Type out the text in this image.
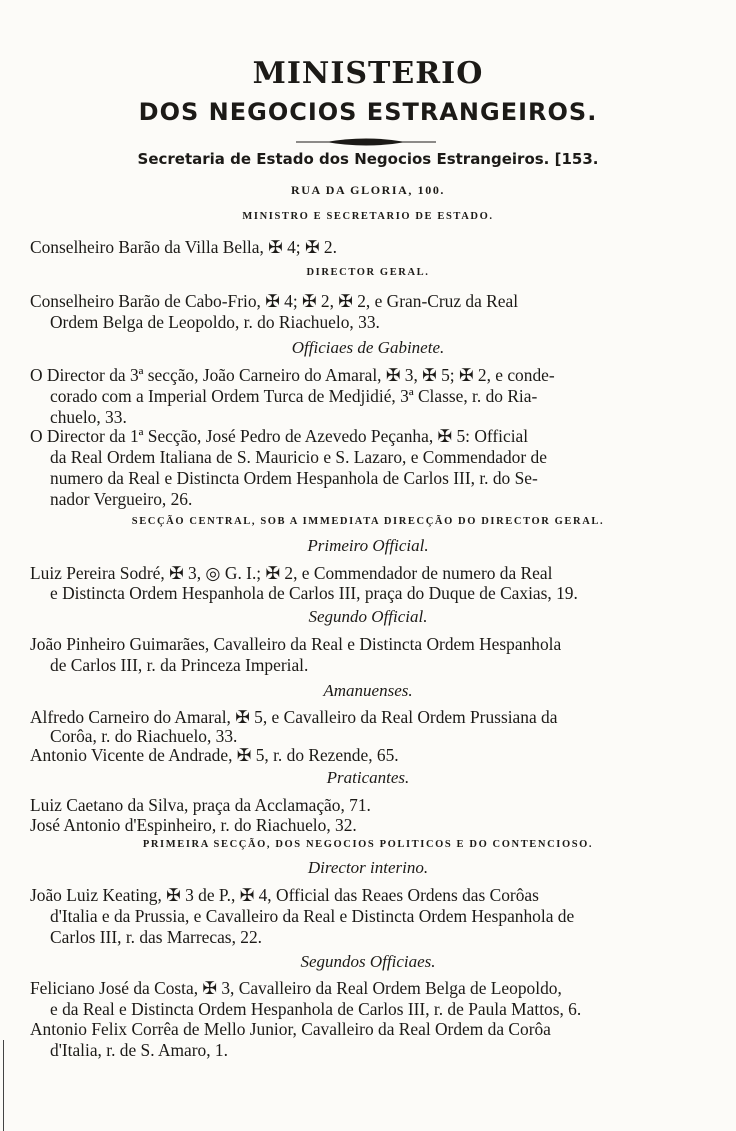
MINISTERIO
DOS NEGOCIOS ESTRANGEIROS.
Secretaria de Estado dos Negocios Estrangeiros. [153.
RUA DA GLORIA, 100.
MINISTRO E SECRETARIO DE ESTADO.
Conselheiro Barão da Villa Bella, ✠ 4; ✠ 2.
DIRECTOR GERAL.
Conselheiro Barão de Cabo-Frio, ✠ 4; ✠ 2, ✠ 2, e Gran-Cruz da Real
Ordem Belga de Leopoldo, r. do Riachuelo, 33.
Officiaes de Gabinete.
O Director da 3ª secção, João Carneiro do Amaral, ✠ 3, ✠ 5; ✠ 2, e conde-
corado com a Imperial Ordem Turca de Medjidié, 3ª Classe, r. do Ria-
chuelo, 33.
O Director da 1ª Secção, José Pedro de Azevedo Peçanha, ✠ 5: Official
da Real Ordem Italiana de S. Mauricio e S. Lazaro, e Commendador de
numero da Real e Distincta Ordem Hespanhola de Carlos III, r. do Se-
nador Vergueiro, 26.
SECÇÃO CENTRAL, SOB A IMMEDIATA DIRECÇÃO DO DIRECTOR GERAL.
Primeiro Official.
Luiz Pereira Sodré, ✠ 3, ◎ G. I.; ✠ 2, e Commendador de numero da Real
e Distincta Ordem Hespanhola de Carlos III, praça do Duque de Caxias, 19.
Segundo Official.
João Pinheiro Guimarães, Cavalleiro da Real e Distincta Ordem Hespanhola
de Carlos III, r. da Princeza Imperial.
Amanuenses.
Alfredo Carneiro do Amaral, ✠ 5, e Cavalleiro da Real Ordem Prussiana da
Corôa, r. do Riachuelo, 33.
Antonio Vicente de Andrade, ✠ 5, r. do Rezende, 65.
Praticantes.
Luiz Caetano da Silva, praça da Acclamação, 71.
José Antonio d'Espinheiro, r. do Riachuelo, 32.
PRIMEIRA SECÇÃO, DOS NEGOCIOS POLITICOS E DO CONTENCIOSO.
Director interino.
João Luiz Keating, ✠ 3 de P., ✠ 4, Official das Reaes Ordens das Corôas
d'Italia e da Prussia, e Cavalleiro da Real e Distincta Ordem Hespanhola de
Carlos III, r. das Marrecas, 22.
Segundos Officiaes.
Feliciano José da Costa, ✠ 3, Cavalleiro da Real Ordem Belga de Leopoldo,
e da Real e Distincta Ordem Hespanhola de Carlos III, r. de Paula Mattos, 6.
Antonio Felix Corrêa de Mello Junior, Cavalleiro da Real Ordem da Corôa
d'Italia, r. de S. Amaro, 1.
